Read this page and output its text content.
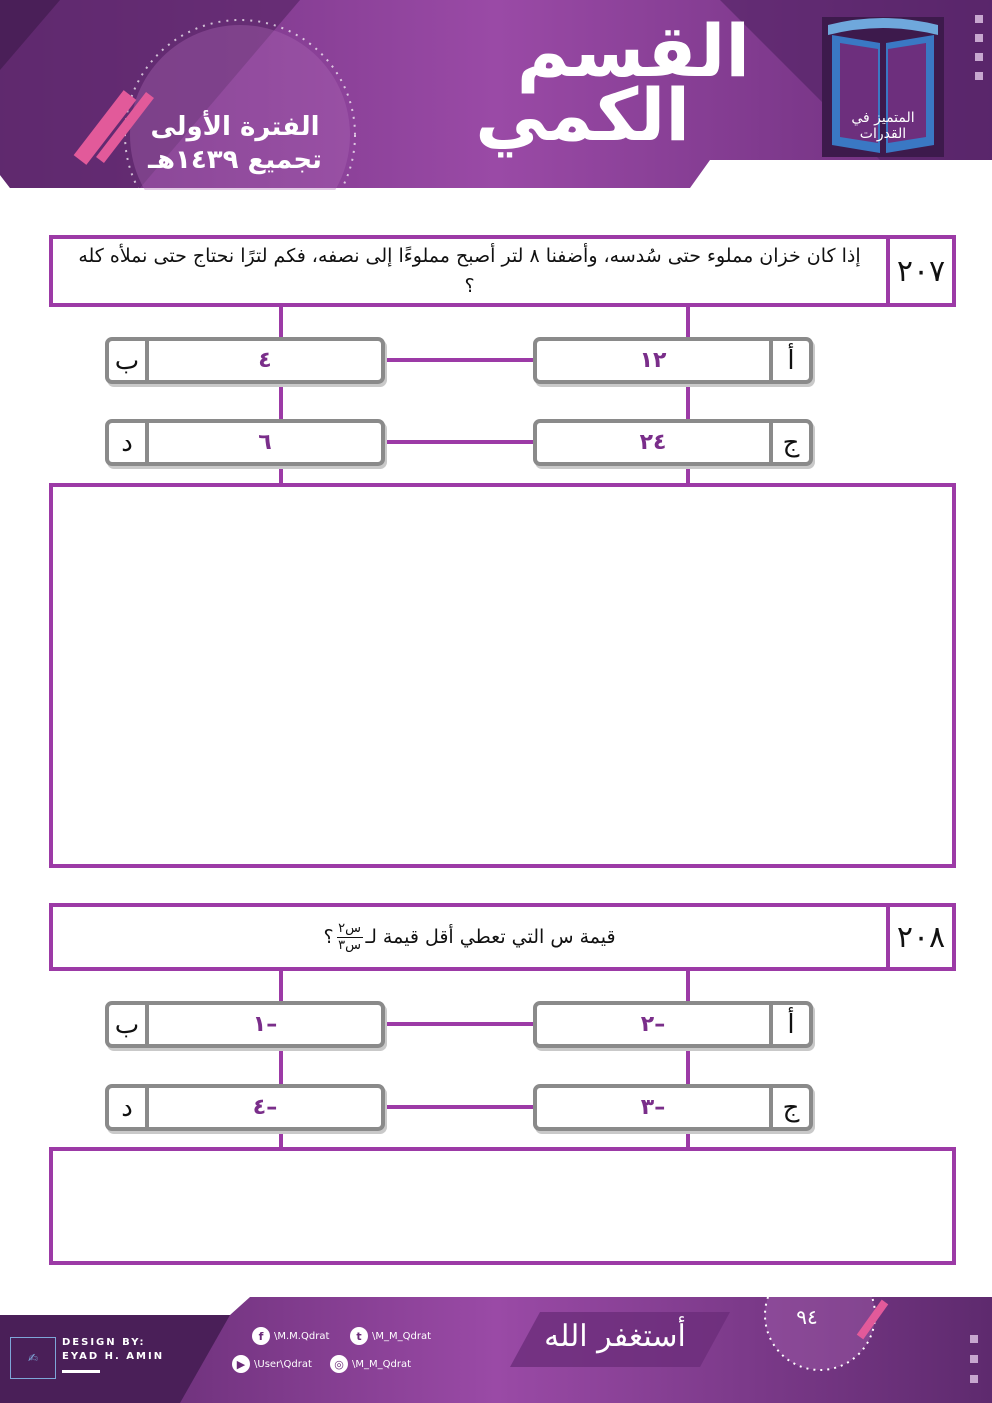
القسم
الكمي
الفترة الأولى
تجميع ١٤٣٩هـ
المتميز في القدرات
إذا كان خزان مملوء حتى سُدسه، وأضفنا ٨ لتر أصبح مملوءًا إلى نصفه، فكم لترًا نحتاج حتى نملأه كله ؟	٢٠٧
١٢	أ
ب	٤
٢٤	ج
د	٦
قيمة س التي تعطي أقل قيمة لـ
$\frac{\text{س٢}}{\text{س٣}}$
؟	٢٠٨
٢–	أ
ب	١–
٣–	ج
د	٤–
DESIGN BY:
EYAD H. AMIN
✍
f	\M.M.Qdrat	t	\M_M_Qdrat
▶ \User\Qdrat	◎ \M_M_Qdrat
أستغفر الله
٩٤
